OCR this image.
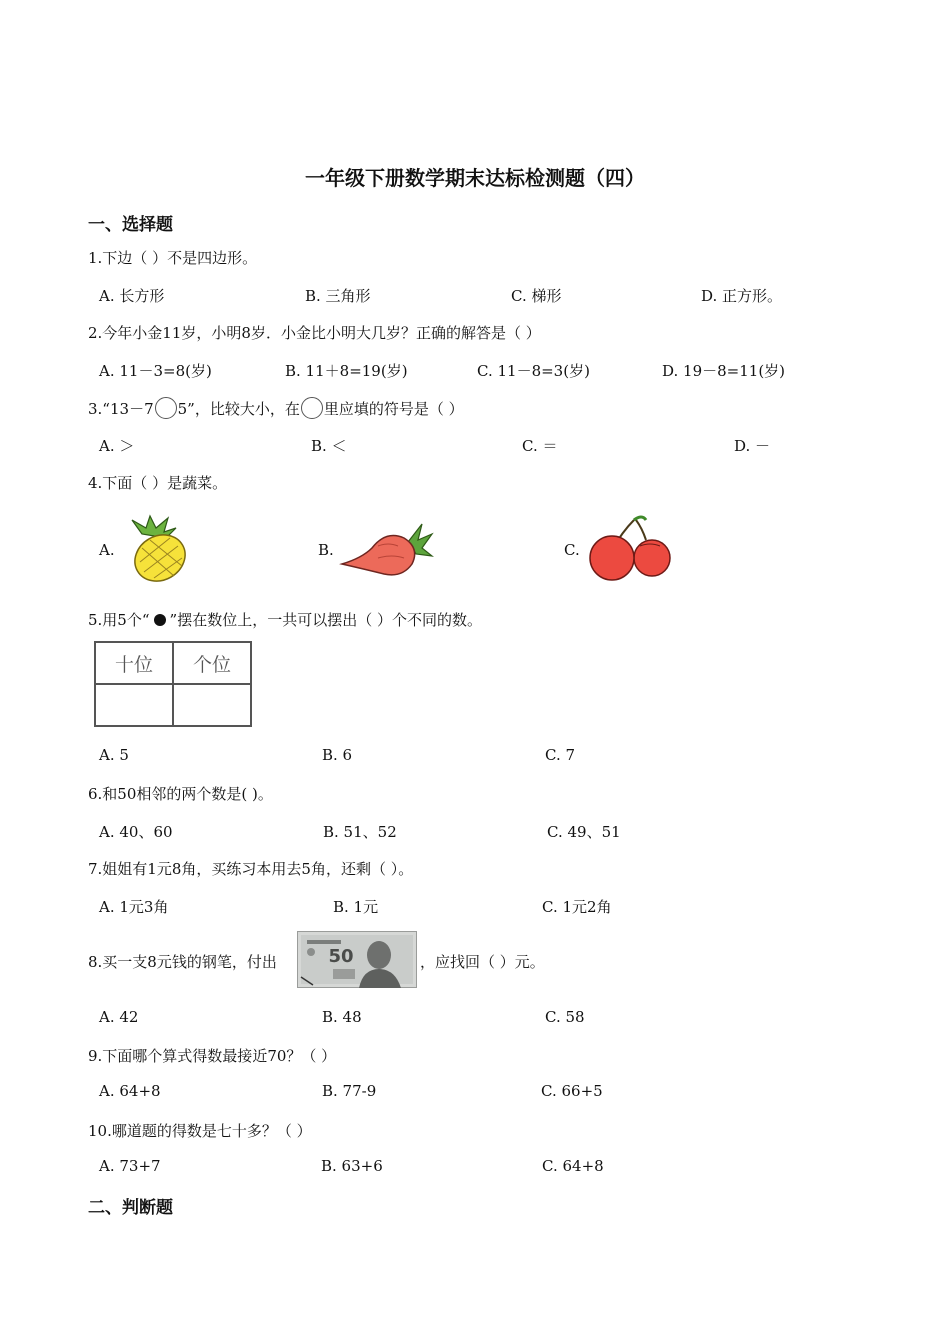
一年级下册数学期末达标检测题（四）
一、选择题
1.下边（ ）不是四边形。
A. 长方形	B. 三角形	C. 梯形	D. 正方形。
2.今年小金11岁，小明8岁．小金比小明大几岁？正确的解答是（ ）
A. 11－3=8(岁)	B. 11＋8=19(岁)	C. 11－8=3(岁)	D. 19－8=11(岁)
3.“13－7 5”，比较大小，在 里应填的符号是（ ）
A. ＞	B. ＜	C. ＝	D. －
4.下面（ ）是蔬菜。
A.	B.	C.
5.用5个“ ”摆在数位上，一共可以摆出（ ）个不同的数。
十位	个位

A. 5	B. 6	C. 7
6.和50相邻的两个数是( )。
A. 40、60	B. 51、52	C. 49、51
7.姐姐有1元8角，买练习本用去5角，还剩（ ）。
A. 1元3角	B. 1元	C. 1元2角
8.买一支8元钱的钢笔，付出	50	，应找回（ ）元。
A. 42	B. 48	C. 58
9.下面哪个算式得数最接近70？（ ）
A. 64+8	B. 77-9	C. 66+5
10.哪道题的得数是七十多？（ ）
A. 73+7	B. 63+6	C. 64+8
二、判断题
